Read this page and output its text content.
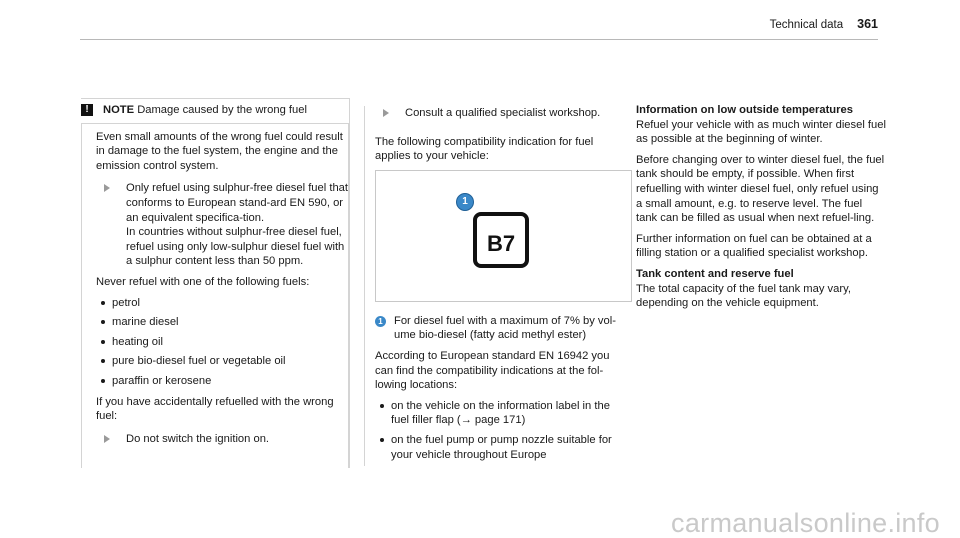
Technical data 361
!	NOTE Damage caused by the wrong fuel

Even small amounts of the wrong fuel could result in damage to the fuel system, the engine and the emission control system.

Only refuel using sulphur-free diesel fuel that conforms to European stand-ard EN 590, or an equivalent specifica-tion.
In countries without sulphur-free diesel fuel, refuel using only low-sulphur diesel fuel with a sulphur content less than 50 ppm.

Never refuel with one of the following fuels:

petrol
marine diesel
heating oil
pure bio-diesel fuel or vegetable oil
paraffin or kerosene

If you have accidentally refuelled with the wrong fuel:

Do not switch the ignition on.
Consult a qualified specialist workshop.

The following compatibility indication for fuel applies to your vehicle:

1
B7
1 For diesel fuel with a maximum of 7% by vol-ume bio-diesel (fatty acid methyl ester)

According to European standard EN 16942 you can find the compatibility indications at the fol-lowing locations:

on the vehicle on the information label in the fuel filler flap (→ page 171)
on the fuel pump or pump nozzle suitable for your vehicle throughout Europe

Information on low outside temperatures

Refuel your vehicle with as much winter diesel fuel as possible at the beginning of winter.

Before changing over to winter diesel fuel, the fuel tank should be empty, if possible. When first refuelling with winter diesel fuel, only refuel using a small amount, e.g. to reserve level. The fuel tank can be filled as usual when next refuel-ling.

Further information on fuel can be obtained at a filling station or a qualified specialist workshop.

Tank content and reserve fuel

The total capacity of the fuel tank may vary, depending on the vehicle equipment.

carmanualsonline.info
